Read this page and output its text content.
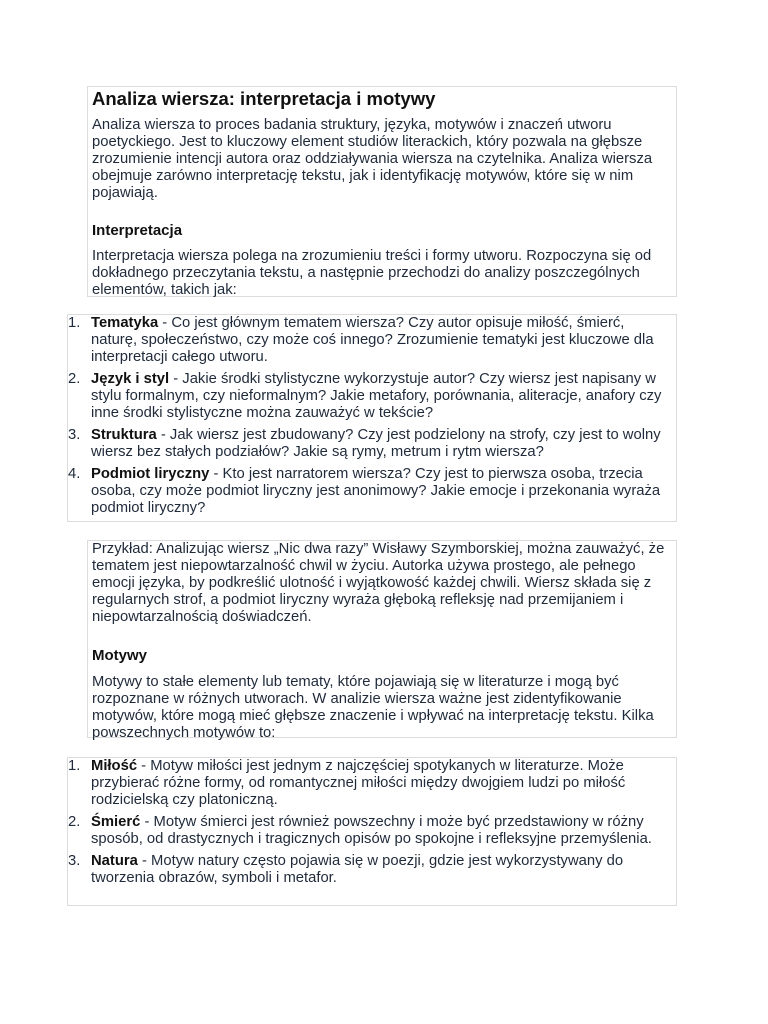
Analiza wiersza: interpretacja i motywy

Analiza wiersza to proces badania struktury, języka, motywów i znaczeń utworu poetyckiego. Jest to kluczowy element studiów literackich, który pozwala na głębsze zrozumienie intencji autora oraz oddziaływania wiersza na czytelnika. Analiza wiersza obejmuje zarówno interpretację tekstu, jak i identyfikację motywów, które się w nim pojawiają.

Interpretacja

Interpretacja wiersza polega na zrozumieniu treści i formy utworu. Rozpoczyna się od dokładnego przeczytania tekstu, a następnie przechodzi do analizy poszczególnych elementów, takich jak:

1. Tematyka - Co jest głównym tematem wiersza? Czy autor opisuje miłość, śmierć, naturę, społeczeństwo, czy może coś innego? Zrozumienie tematyki jest kluczowe dla interpretacji całego utworu.
2. Język i styl - Jakie środki stylistyczne wykorzystuje autor? Czy wiersz jest napisany w stylu formalnym, czy nieformalnym? Jakie metafory, porównania, aliteracje, anafory czy inne środki stylistyczne można zauważyć w tekście?
3. Struktura - Jak wiersz jest zbudowany? Czy jest podzielony na strofy, czy jest to wolny wiersz bez stałych podziałów? Jakie są rymy, metrum i rytm wiersza?
4. Podmiot liryczny - Kto jest narratorem wiersza? Czy jest to pierwsza osoba, trzecia osoba, czy może podmiot liryczny jest anonimowy? Jakie emocje i przekonania wyraża podmiot liryczny?

Przykład: Analizując wiersz „Nic dwa razy” Wisławy Szymborskiej, można zauważyć, że tematem jest niepowtarzalność chwil w życiu. Autorka używa prostego, ale pełnego emocji języka, by podkreślić ulotność i wyjątkowość każdej chwili. Wiersz składa się z regularnych strof, a podmiot liryczny wyraża głęboką refleksję nad przemijaniem i niepowtarzalnością doświadczeń.

Motywy

Motywy to stałe elementy lub tematy, które pojawiają się w literaturze i mogą być rozpoznane w różnych utworach. W analizie wiersza ważne jest zidentyfikowanie motywów, które mogą mieć głębsze znaczenie i wpływać na interpretację tekstu. Kilka powszechnych motywów to:

1. Miłość - Motyw miłości jest jednym z najczęściej spotykanych w literaturze. Może przybierać różne formy, od romantycznej miłości między dwojgiem ludzi po miłość rodzicielską czy platoniczną.
2. Śmierć - Motyw śmierci jest również powszechny i może być przedstawiony w różny sposób, od drastycznych i tragicznych opisów po spokojne i refleksyjne przemyślenia.
3. Natura - Motyw natury często pojawia się w poezji, gdzie jest wykorzystywany do tworzenia obrazów, symboli i metafor.
